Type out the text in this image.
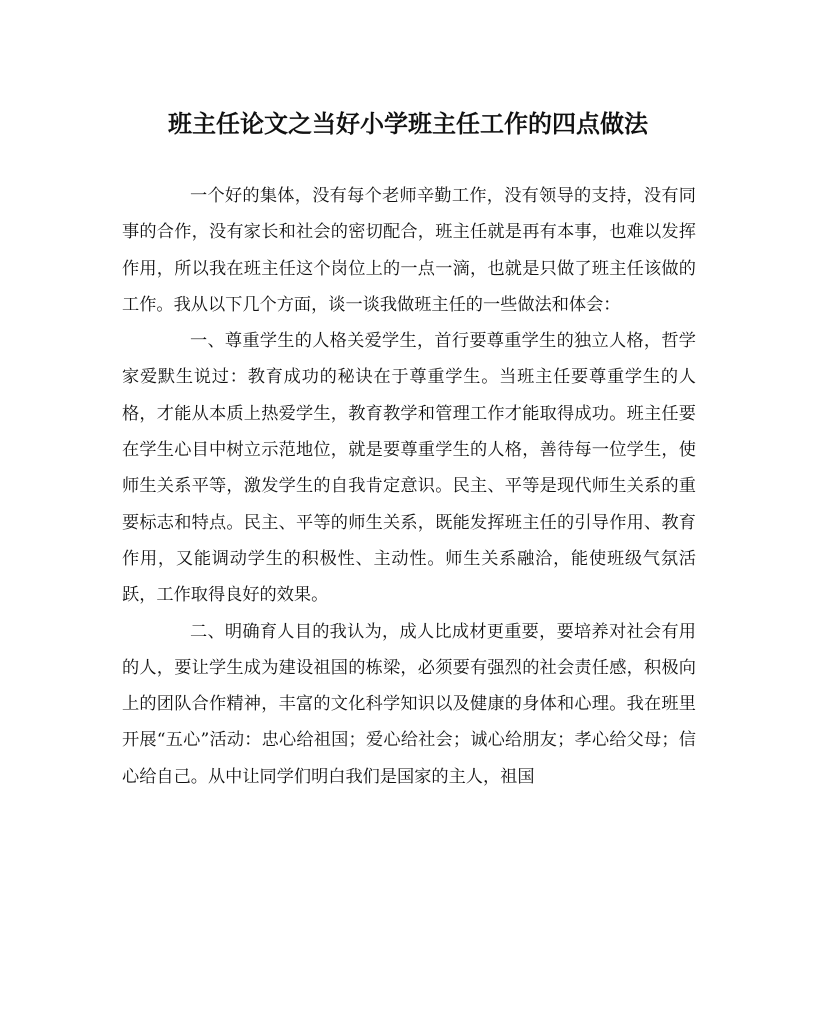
班主任论文之当好小学班主任工作的四点做法

一个好的集体，没有每个老师辛勤工作，没有领导的支持，没有同事的合作，没有家长和社会的密切配合，班主任就是再有本事，也难以发挥作用，所以我在班主任这个岗位上的一点一滴，也就是只做了班主任该做的工作。我从以下几个方面，谈一谈我做班主任的一些做法和体会：

一、尊重学生的人格关爱学生，首行要尊重学生的独立人格，哲学家爱默生说过：教育成功的秘诀在于尊重学生。当班主任要尊重学生的人格，才能从本质上热爱学生，教育教学和管理工作才能取得成功。班主任要在学生心目中树立示范地位，就是要尊重学生的人格，善待每一位学生，使师生关系平等，激发学生的自我肯定意识。民主、平等是现代师生关系的重要标志和特点。民主、平等的师生关系，既能发挥班主任的引导作用、教育作用，又能调动学生的积极性、主动性。师生关系融洽，能使班级气氛活跃，工作取得良好的效果。

二、明确育人目的我认为，成人比成材更重要，要培养对社会有用的人，要让学生成为建设祖国的栋梁，必须要有强烈的社会责任感，积极向上的团队合作精神，丰富的文化科学知识以及健康的身体和心理。我在班里开展“五心”活动：忠心给祖国；爱心给社会；诚心给朋友；孝心给父母；信心给自己。从中让同学们明白我们是国家的主人，祖国
